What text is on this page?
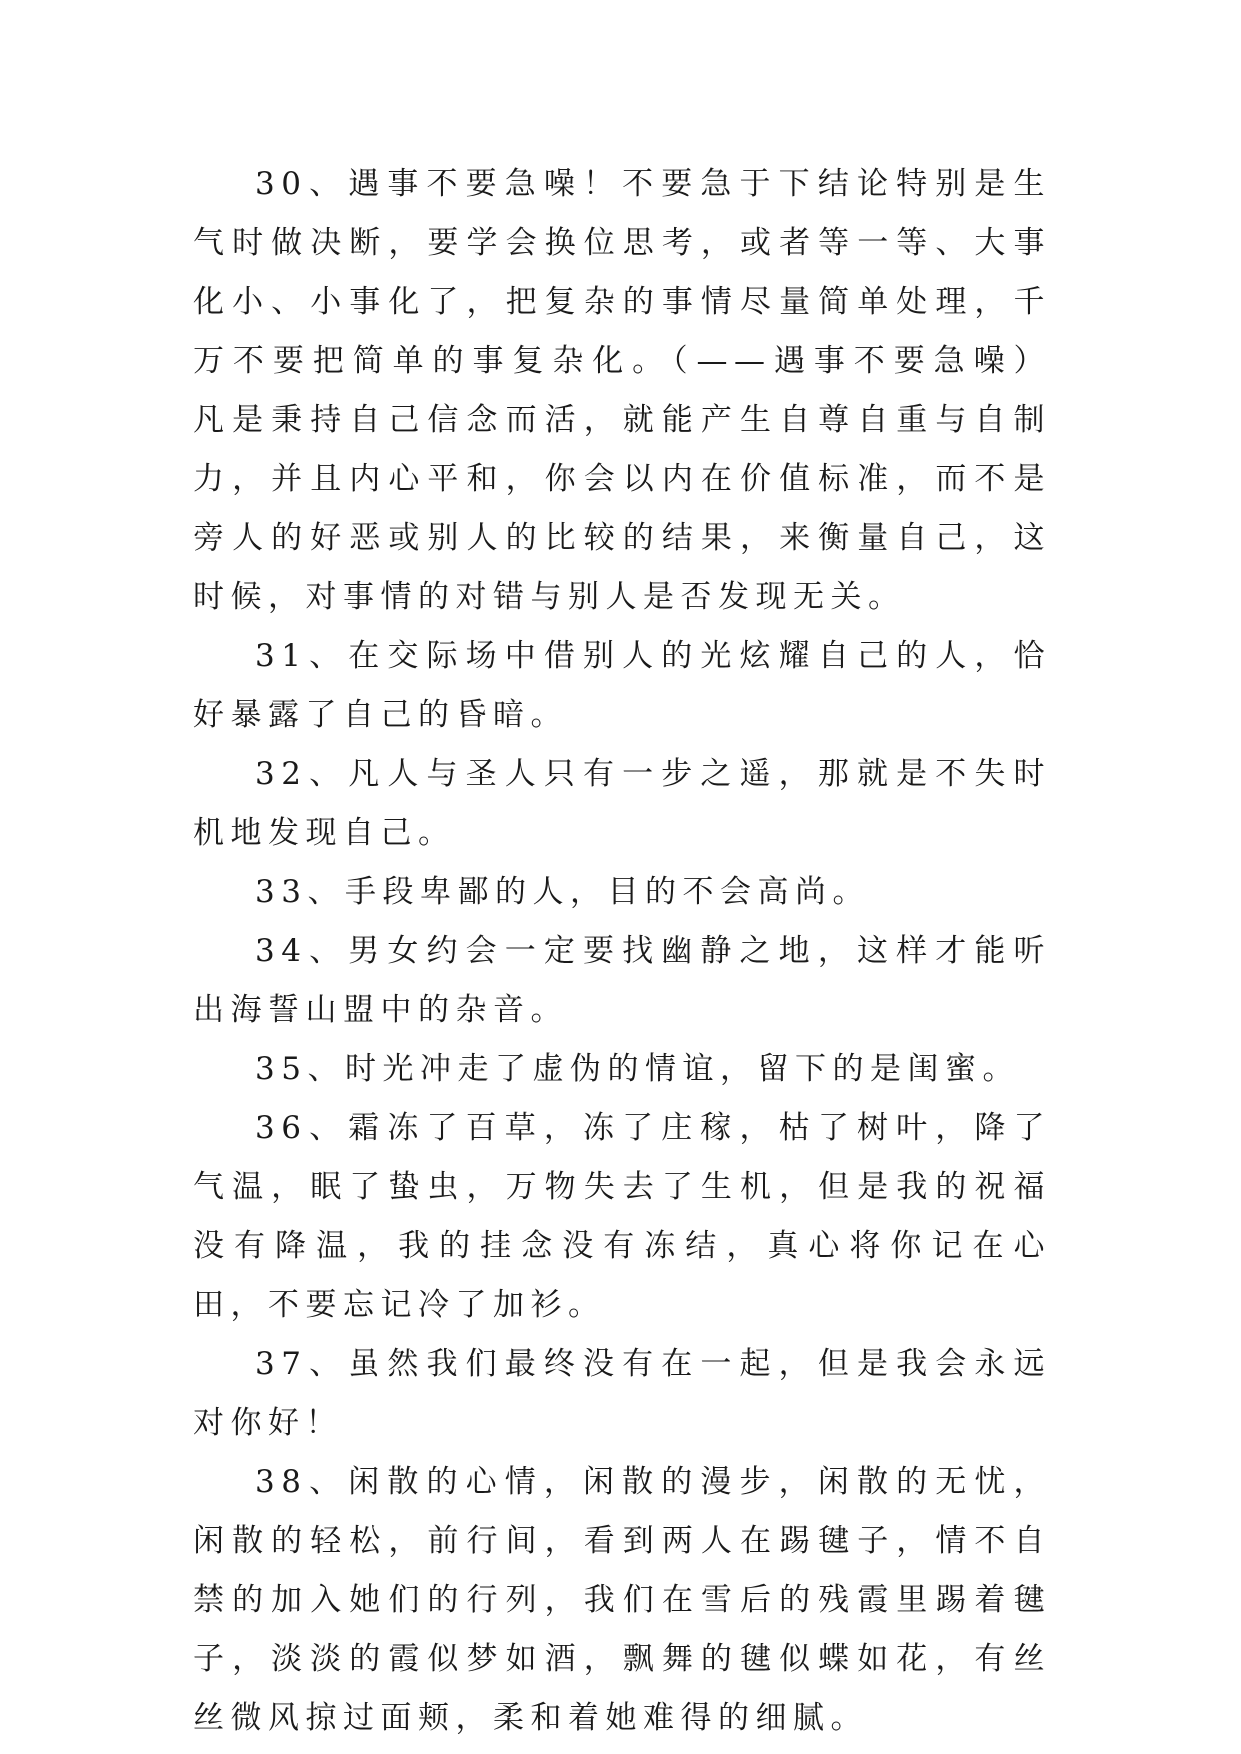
30、遇事不要急噪！不要急于下结论特别是生气时做决断，要学会换位思考，或者等一等、大事化小、小事化了，把复杂的事情尽量简单处理，千万不要把简单的事复杂化。（——遇事不要急噪） 凡是秉持自己信念而活，就能产生自尊自重与自制力，并且内心平和，你会以内在价值标准，而不是旁人的好恶或别人的比较的结果，来衡量自己，这时候，对事情的对错与别人是否发现无关。

31、在交际场中借别人的光炫耀自己的人，恰好暴露了自己的昏暗。

32、凡人与圣人只有一步之遥，那就是不失时机地发现自己。

33、手段卑鄙的人，目的不会高尚。

34、男女约会一定要找幽静之地，这样才能听出海誓山盟中的杂音。

35、时光冲走了虚伪的情谊，留下的是闺蜜。

36、霜冻了百草，冻了庄稼，枯了树叶，降了气温，眠了蛰虫，万物失去了生机，但是我的祝福没有降温，我的挂念没有冻结，真心将你记在心田，不要忘记冷了加衫。

37、虽然我们最终没有在一起，但是我会永远对你好！

38、闲散的心情，闲散的漫步，闲散的无忧，闲散的轻松，前行间，看到两人在踢毽子，情不自禁的加入她们的行列，我们在雪后的残霞里踢着毽子，淡淡的霞似梦如酒，飘舞的毽似蝶如花，有丝丝微风掠过面颊，柔和着她难得的细腻。
